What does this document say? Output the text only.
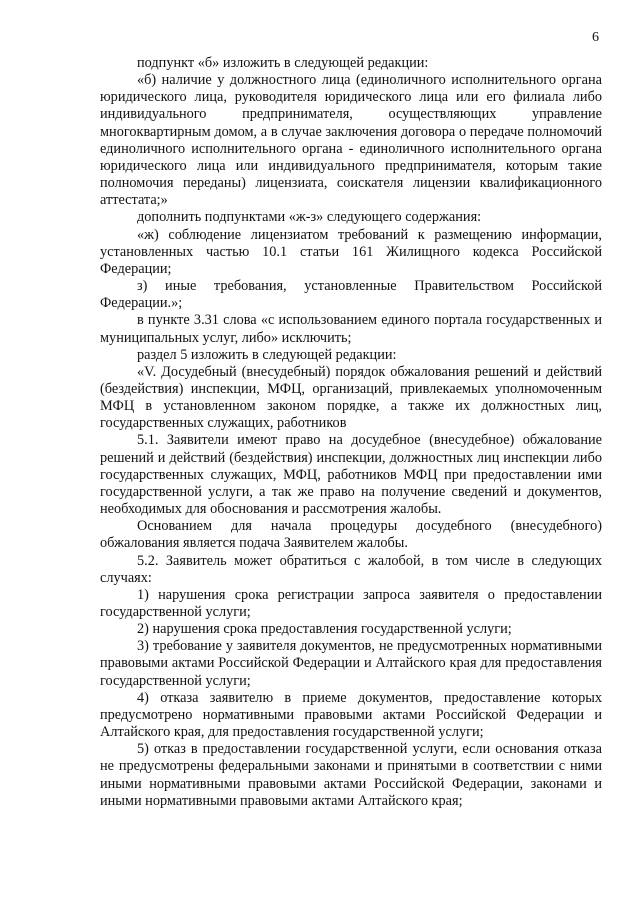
6

подпункт «б» изложить в следующей редакции:

«б) наличие у должностного лица (единоличного исполнительного органа юридического лица, руководителя юридического лица или его филиала либо индивидуального предпринимателя, осуществляющих управление многоквартирным домом, а в случае заключения договора о передаче полномочий единоличного исполнительного органа - единоличного исполнительного органа юридического лица или индивидуального предпринимателя, которым такие полномочия переданы) лицензиата, соискателя лицензии квалификационного аттестата;»

дополнить подпунктами «ж-з» следующего содержания:

«ж) соблюдение лицензиатом требований к размещению информации, установленных частью 10.1 статьи 161 Жилищного кодекса Российской Федерации;

з) иные требования, установленные Правительством Российской Федерации.»;

в пункте 3.31 слова «с использованием единого портала государственных и муниципальных услуг, либо» исключить;

раздел 5 изложить в следующей редакции:

«V. Досудебный (внесудебный) порядок обжалования решений и действий (бездействия) инспекции, МФЦ, организаций, привлекаемых уполномоченным МФЦ в установленном законом порядке, а также их должностных лиц, государственных служащих, работников

5.1. Заявители имеют право на досудебное (внесудебное) обжалование решений и действий (бездействия) инспекции, должностных лиц инспекции либо государственных служащих, МФЦ, работников МФЦ при предоставлении ими государственной услуги, а так же право на получение сведений и документов, необходимых для обоснования и рассмотрения жалобы.

Основанием для начала процедуры досудебного (внесудебного) обжалования является подача Заявителем жалобы.

5.2. Заявитель может обратиться с жалобой, в том числе в следующих случаях:

1) нарушения срока регистрации запроса заявителя о предоставлении государственной услуги;

2) нарушения срока предоставления государственной услуги;

3) требование у заявителя документов, не предусмотренных нормативными правовыми актами Российской Федерации и Алтайского края для предоставления государственной услуги;

4) отказа заявителю в приеме документов, предоставление которых предусмотрено нормативными правовыми актами Российской Федерации и Алтайского края, для предоставления государственной услуги;

5) отказ в предоставлении государственной услуги, если основания отказа не предусмотрены федеральными законами и принятыми в соответствии с ними иными нормативными правовыми актами Российской Федерации, законами и иными нормативными правовыми актами Алтайского края;
